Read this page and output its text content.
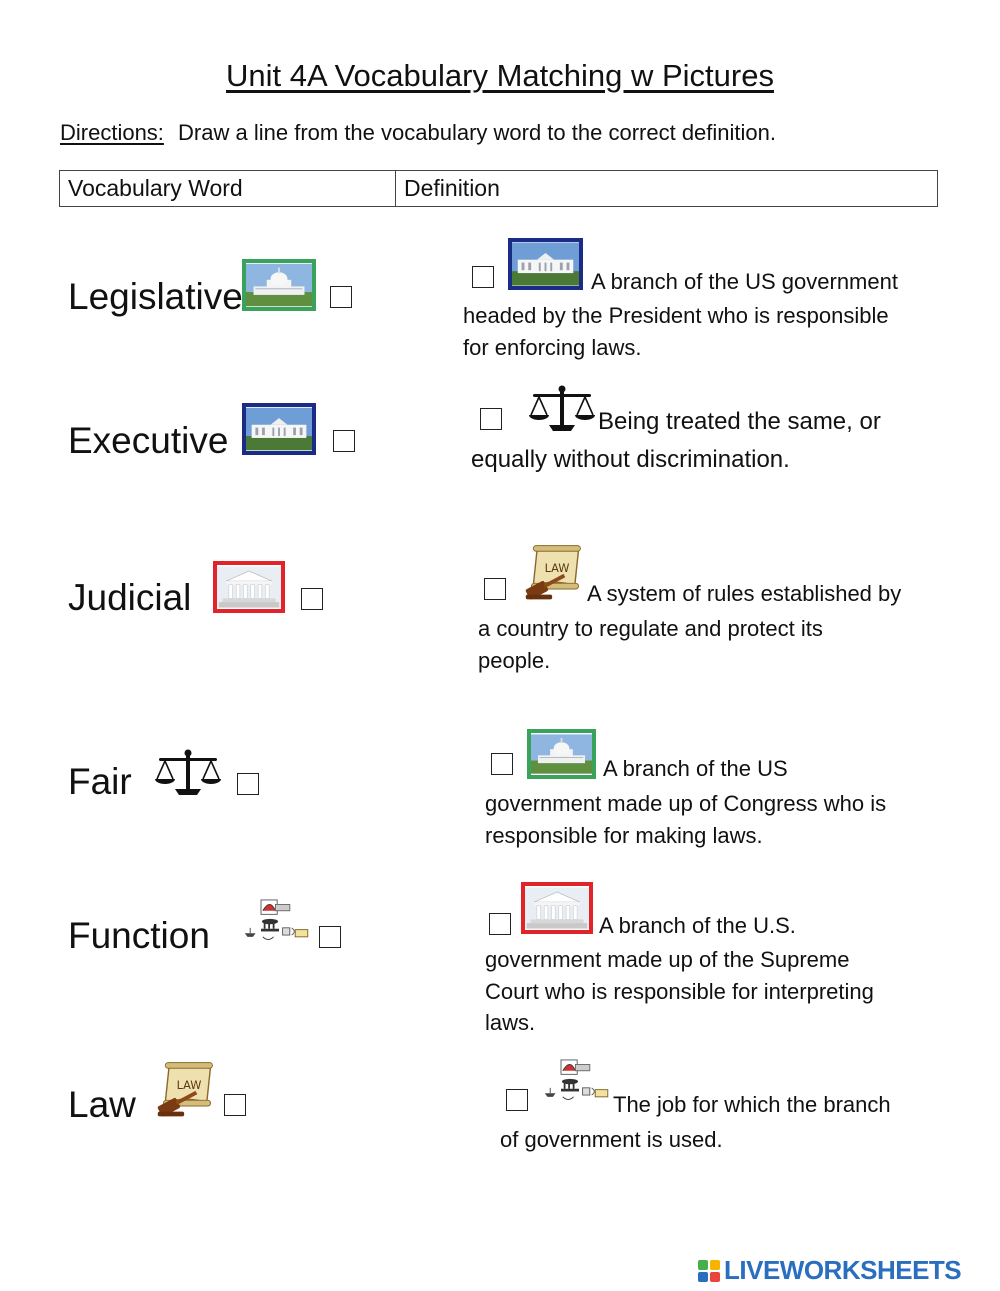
Unit 4A Vocabulary Matching w Pictures
Directions: Draw a line from the vocabulary word to the correct definition.
Vocabulary Word	Definition
Legislative
Executive
Judicial
Fair
Function
Law
A branch of the US government
headed by the President who is responsible
for enforcing laws.
Being treated the same, or
equally without discrimination.
A system of rules established by
a country to regulate and protect its
people.
A branch of the US
government made up of Congress who is
responsible for making laws.
A branch of the U.S.
government made up of the Supreme
Court who is responsible for interpreting
laws.
The job for which the branch
of government is used.
LIVEWORKSHEETS
